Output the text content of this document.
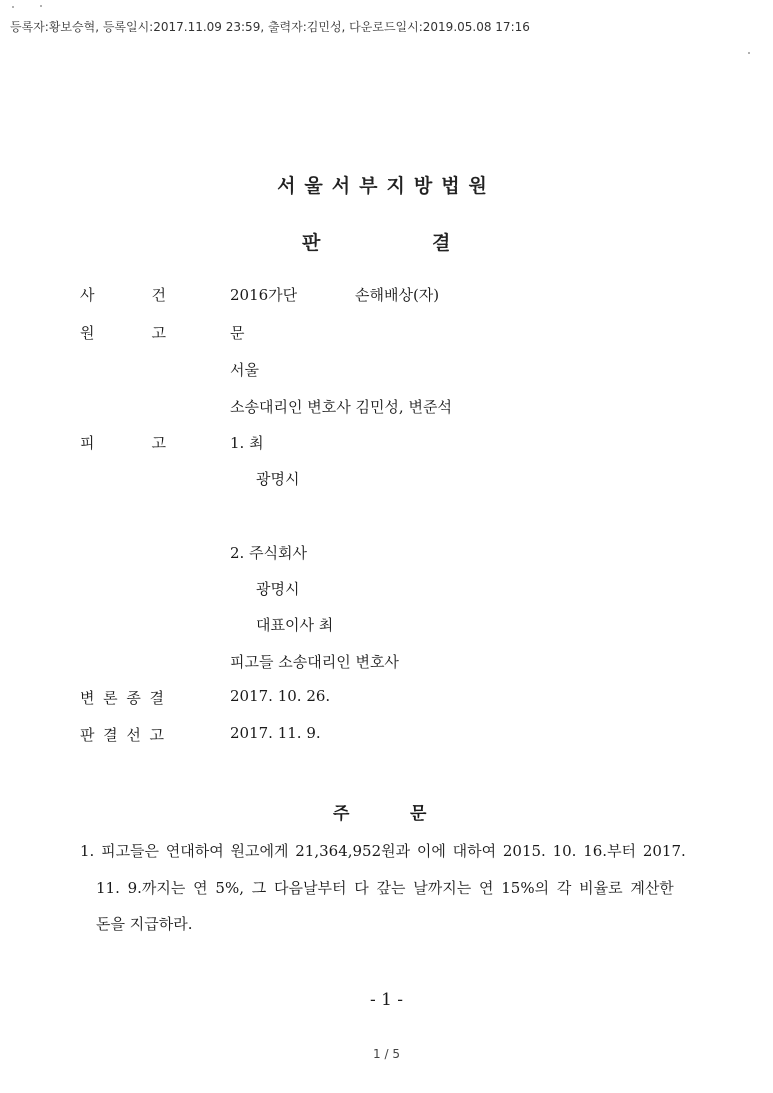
등록자:황보승혁, 등록일시:2017.11.09 23:59, 출력자:김민성, 다운로드일시:2019.05.08 17:16
서울서부지방법원
판	결
사	건	2016가단	손해배상(자)
원	고	문
서울
소송대리인 변호사 김민성, 변준석
피	고	1. 최
광명시
2. 주식회사
광명시
대표이사 최
피고들 소송대리인 변호사
변 론 종 결	2017. 10. 26.
판 결 선 고	2017. 11. 9.
주	문
1. 피고들은 연대하여 원고에게 21,364,952원과 이에 대하여 2015. 10. 16.부터 2017.
11. 9.까지는 연 5%, 그 다음날부터 다 갚는 날까지는 연 15%의 각 비율로 계산한
돈을 지급하라.
- 1 -
1 / 5
